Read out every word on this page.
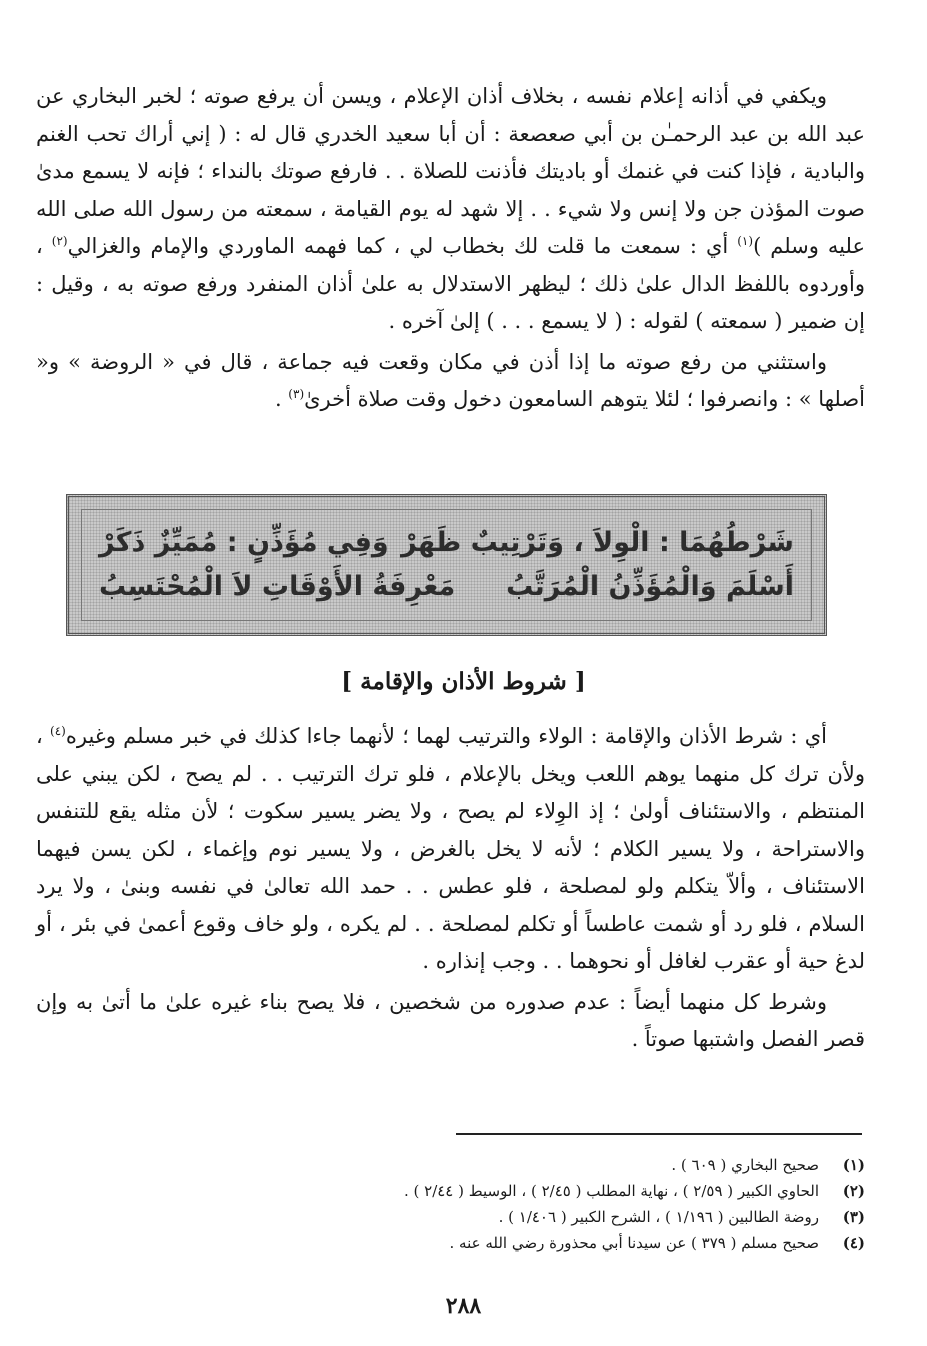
ويكفي في أذانه إعلام نفسه ، بخلاف أذان الإعلام ، ويسن أن يرفع صوته ؛ لخبر البخاري عن عبد الله بن عبد الرحمـٰن بن أبي صعصعة : أن أبا سعيد الخدري قال له : ( إني أراك تحب الغنم والبادية ، فإذا كنت في غنمك أو باديتك فأذنت للصلاة . . فارفع صوتك بالنداء ؛ فإنه لا يسمع مدىٰ صوت المؤذن جن ولا إنس ولا شيء . . إلا شهد له يوم القيامة ، سمعته من رسول الله صلى الله عليه وسلم )$^{(١)}$ أي : سمعت ما قلت لك بخطاب لي ، كما فهمه الماوردي والإمام والغزالي$^{(٢)}$ ، وأوردوه باللفظ الدال علىٰ ذلك ؛ ليظهر الاستدلال به علىٰ أذان المنفرد ورفع صوته به ، وقيل : إن ضمير ( سمعته ) لقوله : ( لا يسمع . . . ) إلىٰ آخره .

واستثني من رفع صوته ما إذا أذن في مكان وقعت فيه جماعة ، قال في « الروضة » و« أصلها » : وانصرفوا ؛ لئلا يتوهم السامعون دخول وقت صلاة أخرىٰ$^{(٣)}$ .

شَرْطُهُمَا : الْوِلاَ ، وَتَرْتِيبٌ ظَهَرْ
وَفِي مُؤَذِّنٍ : مُمَيِّزٌ ذَكَرْ
أَسْلَمَ وَالْمُؤَذِّنُ الْمُرَتَّبُ
مَعْرِفَةُ الأَوْقَاتِ لاَ الْمُحْتَسِبُ
[ شروط الأذان والإقامة ]

أي : شرط الأذان والإقامة : الولاء والترتيب لهما ؛ لأنهما جاءا كذلك في خبر مسلم وغيره$^{(٤)}$ ، ولأن ترك كل منهما يوهم اللعب ويخل بالإعلام ، فلو ترك الترتيب . . لم يصح ، لكن يبني على المنتظم ، والاستئناف أولىٰ ؛ إذ الوِلاء لم يصح ، ولا يضر يسير سكوت ؛ لأن مثله يقع للتنفس والاستراحة ، ولا يسير الكلام ؛ لأنه لا يخل بالغرض ، ولا يسير نوم وإغماء ، لكن يسن فيهما الاستئناف ، وألاّ يتكلم ولو لمصلحة ، فلو عطس . . حمد الله تعالىٰ في نفسه وبنىٰ ، ولا يرد السلام ، فلو رد أو شمت عاطساً أو تكلم لمصلحة . . لم يكره ، ولو خاف وقوع أعمىٰ في بئر ، أو لدغ حية أو عقرب لغافل أو نحوهما . . وجب إنذاره .

وشرط كل منهما أيضاً : عدم صدوره من شخصين ، فلا يصح بناء غيره علىٰ ما أتىٰ به وإن قصر الفصل واشتبها صوتاً .

(١)
صحيح البخاري ( ٦٠٩ ) .
(٢)
الحاوي الكبير ( ٢/٥٩ ) ، نهاية المطلب ( ٢/٤٥ ) ، الوسيط ( ٢/٤٤ ) .
(٣)
روضة الطالبين ( ١/١٩٦ ) ، الشرح الكبير ( ١/٤٠٦ ) .
(٤)
صحيح مسلم ( ٣٧٩ ) عن سيدنا أبي محذورة رضي الله عنه .
٢٨٨
